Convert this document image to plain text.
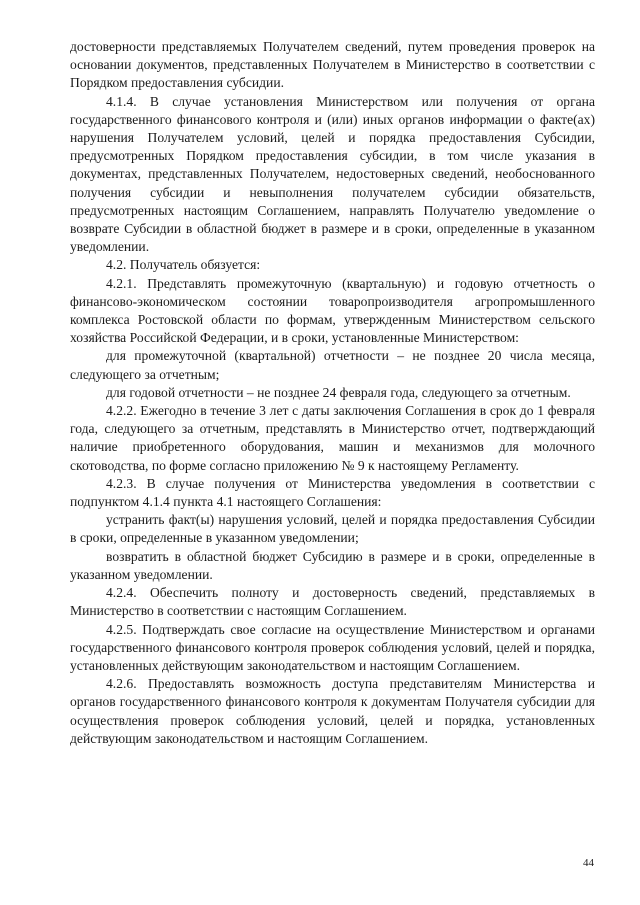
достоверности представляемых Получателем сведений, путем проведения проверок на основании документов, представленных Получателем в Министерство в соответствии с Порядком предоставления субсидии.

4.1.4. В случае установления Министерством или получения от органа государственного финансового контроля и (или) иных органов информации о факте(ах) нарушения Получателем условий, целей и порядка предоставления Субсидии, предусмотренных Порядком предоставления субсидии, в том числе указания в документах, представленных Получателем, недостоверных сведений, необоснованного получения субсидии и невыполнения получателем субсидии обязательств, предусмотренных настоящим Соглашением, направлять Получателю уведомление о возврате Субсидии в областной бюджет в размере и в сроки, определенные в указанном уведомлении.

4.2. Получатель обязуется:

4.2.1. Представлять промежуточную (квартальную) и годовую отчетность о финансово-экономическом состоянии товаропроизводителя агропромышленного комплекса Ростовской области по формам, утвержденным Министерством сельского хозяйства Российской Федерации, и в сроки, установленные Министерством:

для промежуточной (квартальной) отчетности – не позднее 20 числа месяца, следующего за отчетным;

для годовой отчетности – не позднее 24 февраля года, следующего за отчетным.

4.2.2. Ежегодно в течение 3 лет с даты заключения Соглашения в срок до 1 февраля года, следующего за отчетным, представлять в Министерство отчет, подтверждающий наличие приобретенного оборудования, машин и механизмов для молочного скотоводства, по форме согласно приложению № 9 к настоящему Регламенту.

4.2.3. В случае получения от Министерства уведомления в соответствии с подпунктом 4.1.4 пункта 4.1 настоящего Соглашения:

устранить факт(ы) нарушения условий, целей и порядка предоставления Субсидии в сроки, определенные в указанном уведомлении;

возвратить в областной бюджет Субсидию в размере и в сроки, определенные в указанном уведомлении.

4.2.4. Обеспечить полноту и достоверность сведений, представляемых в Министерство в соответствии с настоящим Соглашением.

4.2.5. Подтверждать свое согласие на осуществление Министерством и органами государственного финансового контроля проверок соблюдения условий, целей и порядка, установленных действующим законодательством и настоящим Соглашением.

4.2.6. Предоставлять возможность доступа представителям Министерства и органов государственного финансового контроля к документам Получателя субсидии для осуществления проверок соблюдения условий, целей и порядка, установленных действующим законодательством и настоящим Соглашением.

44
